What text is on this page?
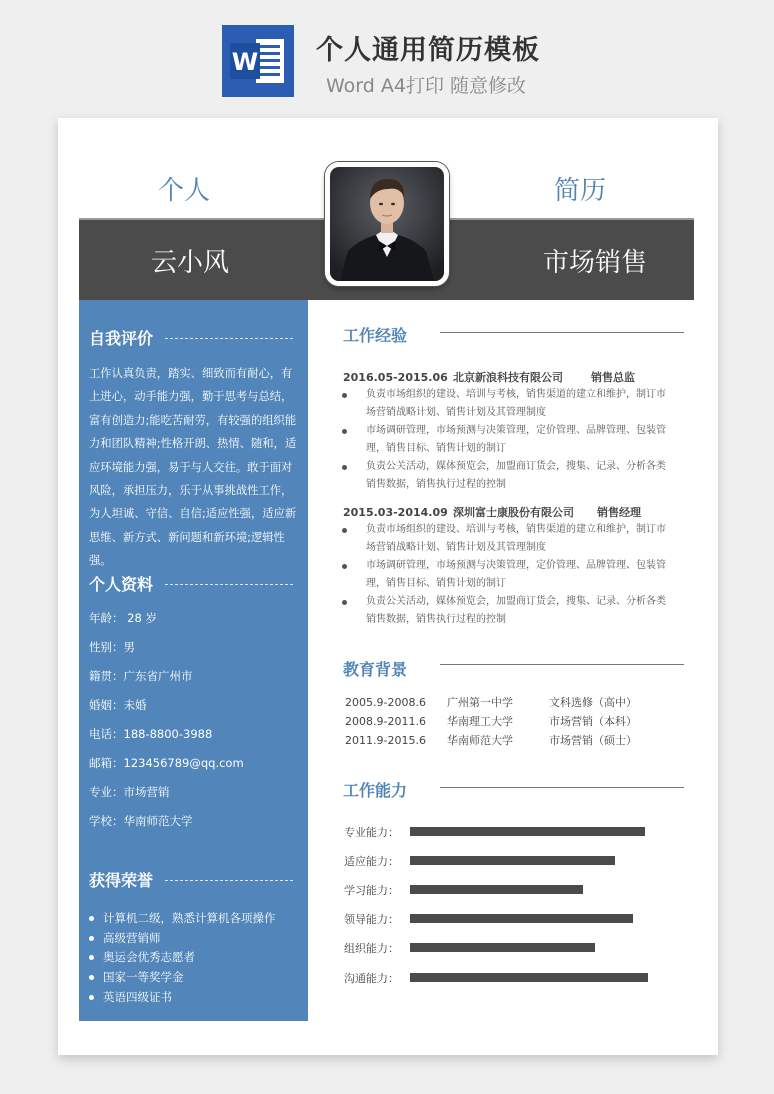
W 个人通用简历模板
Word A4打印 随意修改
个人	简历
云小风	市场销售
自我评价
工作认真负责，踏实、细致而有耐心，有
上进心，动手能力强，勤于思考与总结，
富有创造力;能吃苦耐劳，有较强的组织能
力和团队精神;性格开朗、热情、随和，适
应环境能力强，易于与人交往。敢于面对
风险，承担压力，乐于从事挑战性工作，
为人坦诚、守信、自信;适应性强，适应新
思维、新方式、新问题和新环境;逻辑性强。
个人资料
年龄： 28 岁
性别：男
籍贯：广东省广州市
婚姻：未婚
电话：188-8800-3988
邮箱：123456789@qq.com
专业：市场营销
学校：华南师范大学
获得荣誉
计算机二级，熟悉计算机各项操作
高级营销师
奥运会优秀志愿者
国家一等奖学金
英语四级证书
工作经验
2016.05-2015.06 北京新浪科技有限公司	销售总监
负责市场组织的建设、培训与考核，销售渠道的建立和维护，制订市
场营销战略计划、销售计划及其管理制度
市场调研管理，市场预测与决策管理，定价管理、品牌管理、包装管
理，销售目标、销售计划的制订
负责公关活动，媒体预览会，加盟商订货会，搜集、记录、分析各类
销售数据，销售执行过程的控制
2015.03-2014.09 深圳富士康股份有限公司 销售经理
负责市场组织的建设、培训与考核，销售渠道的建立和维护，制订市
场营销战略计划、销售计划及其管理制度
市场调研管理，市场预测与决策管理，定价管理、品牌管理、包装管
理，销售目标、销售计划的制订
负责公关活动，媒体预览会，加盟商订货会，搜集、记录、分析各类
销售数据，销售执行过程的控制
教育背景
2005.9-2008.6 广州第一中学	文科选修（高中）
2008.9-2011.6 华南理工大学	市场营销（本科）
2011.9-2015.6 华南师范大学	市场营销（硕士）
工作能力
专业能力：
适应能力：
学习能力：
领导能力：
组织能力：
沟通能力：
